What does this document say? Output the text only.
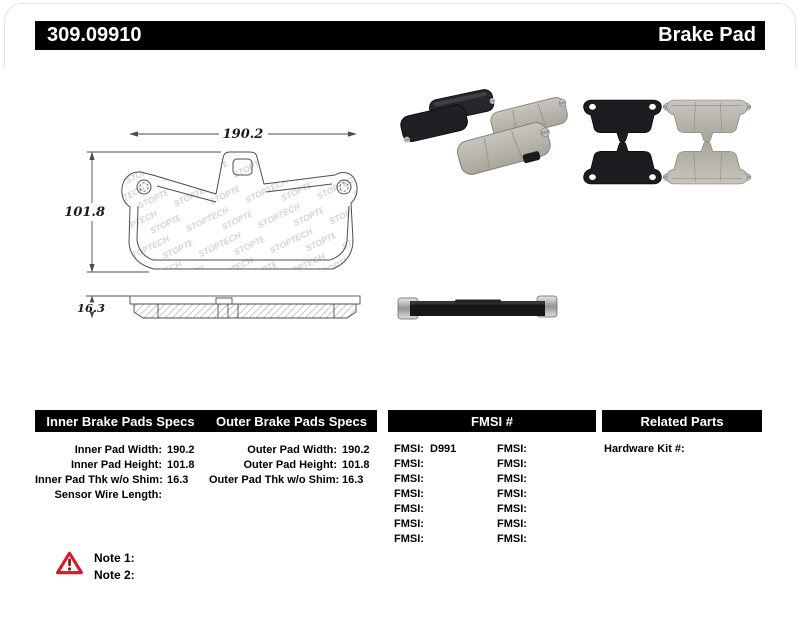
309.09910	Brake Pad
190.2
101.8
16.3
Inner Brake Pads Specs	Outer Brake Pads Specs	FMSI #	Related Parts
Inner Pad Width: 190.2
Inner Pad Height: 101.8
Inner Pad Thk w/o Shim: 16.3
Sensor Wire Length:
Outer Pad Width: 190.2
Outer Pad Height: 101.8
Outer Pad Thk w/o Shim: 16.3
FMSI: D991	FMSI:
FMSI:	FMSI:
FMSI:	FMSI:
FMSI:	FMSI:
FMSI:	FMSI:
FMSI:	FMSI:
FMSI:	FMSI:
Hardware Kit #:
Note 1:
Note 2:
